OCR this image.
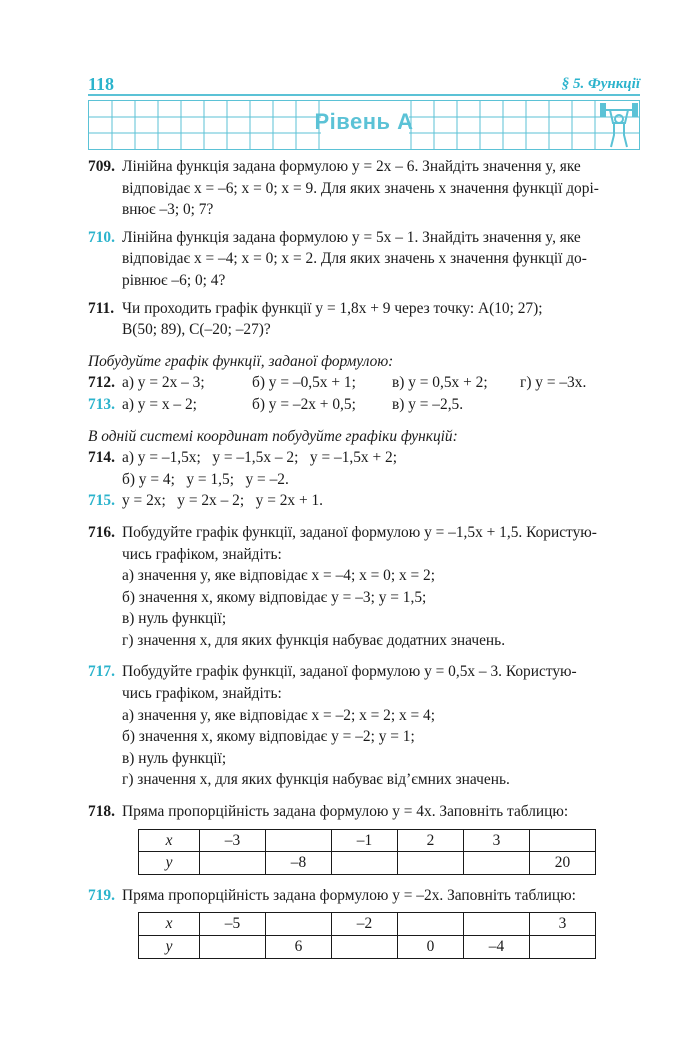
118	§ 5. Функції
Рівень А
709. Лінійна функція задана формулою y = 2x – 6. Знайдіть значення y, яке
відповідає x = –6; x = 0; x = 9. Для яких значень x значення функції дорі-
внює –3; 0; 7?
710. Лінійна функція задана формулою y = 5x – 1. Знайдіть значення y, яке
відповідає x = –4; x = 0; x = 2. Для яких значень x значення функції до-
рівнює –6; 0; 4?
711. Чи проходить графік функції y = 1,8x + 9 через точку: A(10; 27);
B(50; 89), C(–20; –27)?
Побудуйте графік функції, заданої формулою:
712. а) y = 2x – 3;	б) y = –0,5x + 1;	в) y = 0,5x + 2;	г) y = –3x.
713. а) y = x – 2;	б) y = –2x + 0,5;	в) y = –2,5.
В одній системі координат побудуйте графіки функцій:
714. а) y = –1,5x;   y = –1,5x – 2;   y = –1,5x + 2;
б) y = 4;   y = 1,5;   y = –2.
715. y = 2x;   y = 2x – 2;   y = 2x + 1.
716. Побудуйте графік функції, заданої формулою y = –1,5x + 1,5. Користую-
чись графіком, знайдіть:
а) значення y, яке відповідає x = –4; x = 0; x = 2;
б) значення x, якому відповідає y = –3; y = 1,5;
в) нуль функції;
г) значення x, для яких функція набуває додатних значень.
717. Побудуйте графік функції, заданої формулою y = 0,5x – 3. Користую-
чись графіком, знайдіть:
а) значення y, яке відповідає x = –2; x = 2; x = 4;
б) значення x, якому відповідає y = –2; y = 1;
в) нуль функції;
г) значення x, для яких функція набуває від’ємних значень.
718. Пряма пропорційність задана формулою y = 4x. Заповніть таблицю:
x	–3		–1	2	3	
y		–8				20
719. Пряма пропорційність задана формулою y = –2x. Заповніть таблицю:
x	–5		–2			3
y		6		0	–4	
